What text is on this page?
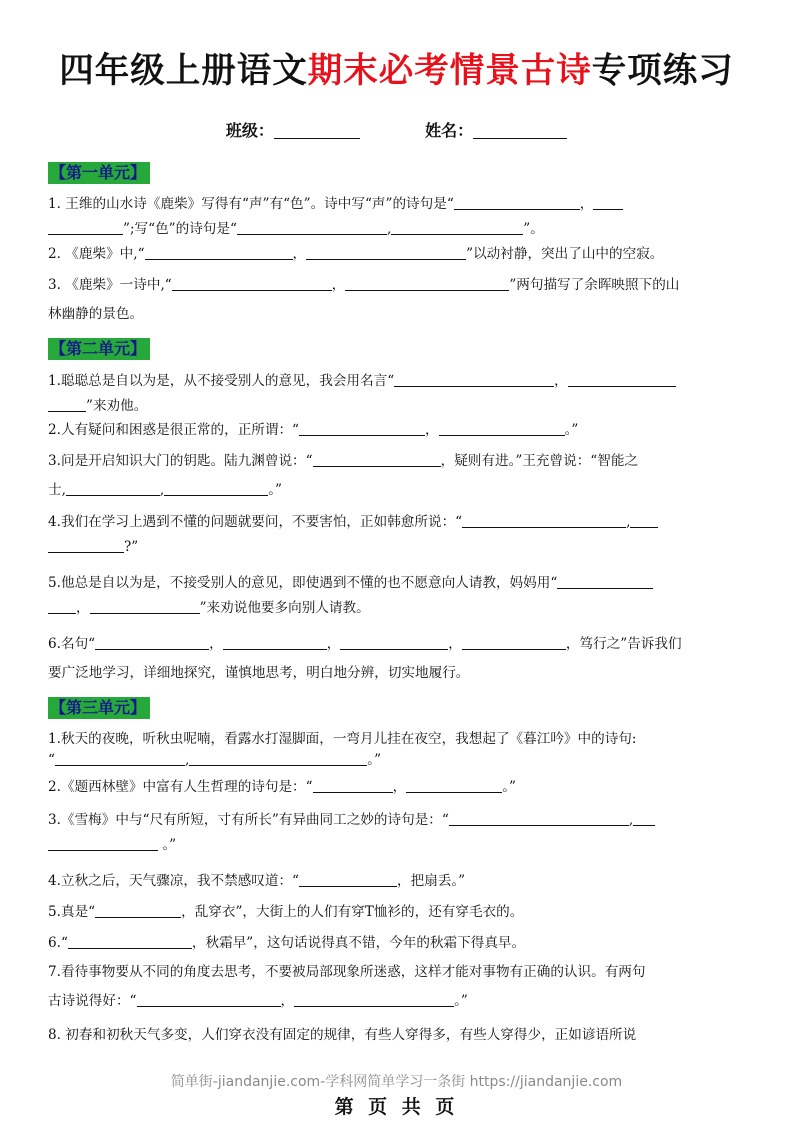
四年级上册语文期末必考情景古诗专项练习
班级：	姓名：
【第一单元】
1. 王维的山水诗《鹿柴》写得有“声”有“色”。诗中写“声”的诗句是“	，
”;写“色”的诗句是“	,	”。
2. 《鹿柴》中,“	，	”以动衬静，突出了山中的空寂。
3. 《鹿柴》一诗中,“	，	”两句描写了余晖映照下的山
林幽静的景色。
【第二单元】
1.聪聪总是自以为是，从不接受别人的意见，我会用名言“	，
”来劝他。
2.人有疑问和困惑是很正常的，正所谓：“	，	。”
3.问是开启知识大门的钥匙。陆九渊曾说：“	，疑则有进。”王充曾说：“智能之
士,	,	。”
4.我们在学习上遇到不懂的问题就要问，不要害怕，正如韩愈所说：“	,
?”
5.他总是自以为是，不接受别人的意见，即使遇到不懂的也不愿意向人请教，妈妈用“
，	”来劝说他要多向别人请教。
6.名句“	，	，	，	，笃行之”告诉我们
要广泛地学习，详细地探究，谨慎地思考，明白地分辨，切实地履行。
【第三单元】
1.秋天的夜晚，听秋虫呢喃，看露水打湿脚面，一弯月儿挂在夜空，我想起了《暮江吟》中的诗句:
“	,	。”
2.《题西林壁》中富有人生哲理的诗句是：“	，	。”
3.《雪梅》中与“尺有所短，寸有所长”有异曲同工之妙的诗句是：“	,
。”
4.立秋之后，天气骤凉，我不禁感叹道：“	，把扇丢。”
5.真是“	，乱穿衣”，大街上的人们有穿T恤衫的，还有穿毛衣的。
6.“	，秋霜早”，这句话说得真不错，今年的秋霜下得真早。
7.看待事物要从不同的角度去思考，不要被局部现象所迷惑，这样才能对事物有正确的认识。有两句
古诗说得好：“	，	。”
8. 初春和初秋天气多变，人们穿衣没有固定的规律，有些人穿得多，有些人穿得少，正如谚语所说
简单街-jiandanjie.com-学科网简单学习一条街 https://jiandanjie.com
第 页 共 页
